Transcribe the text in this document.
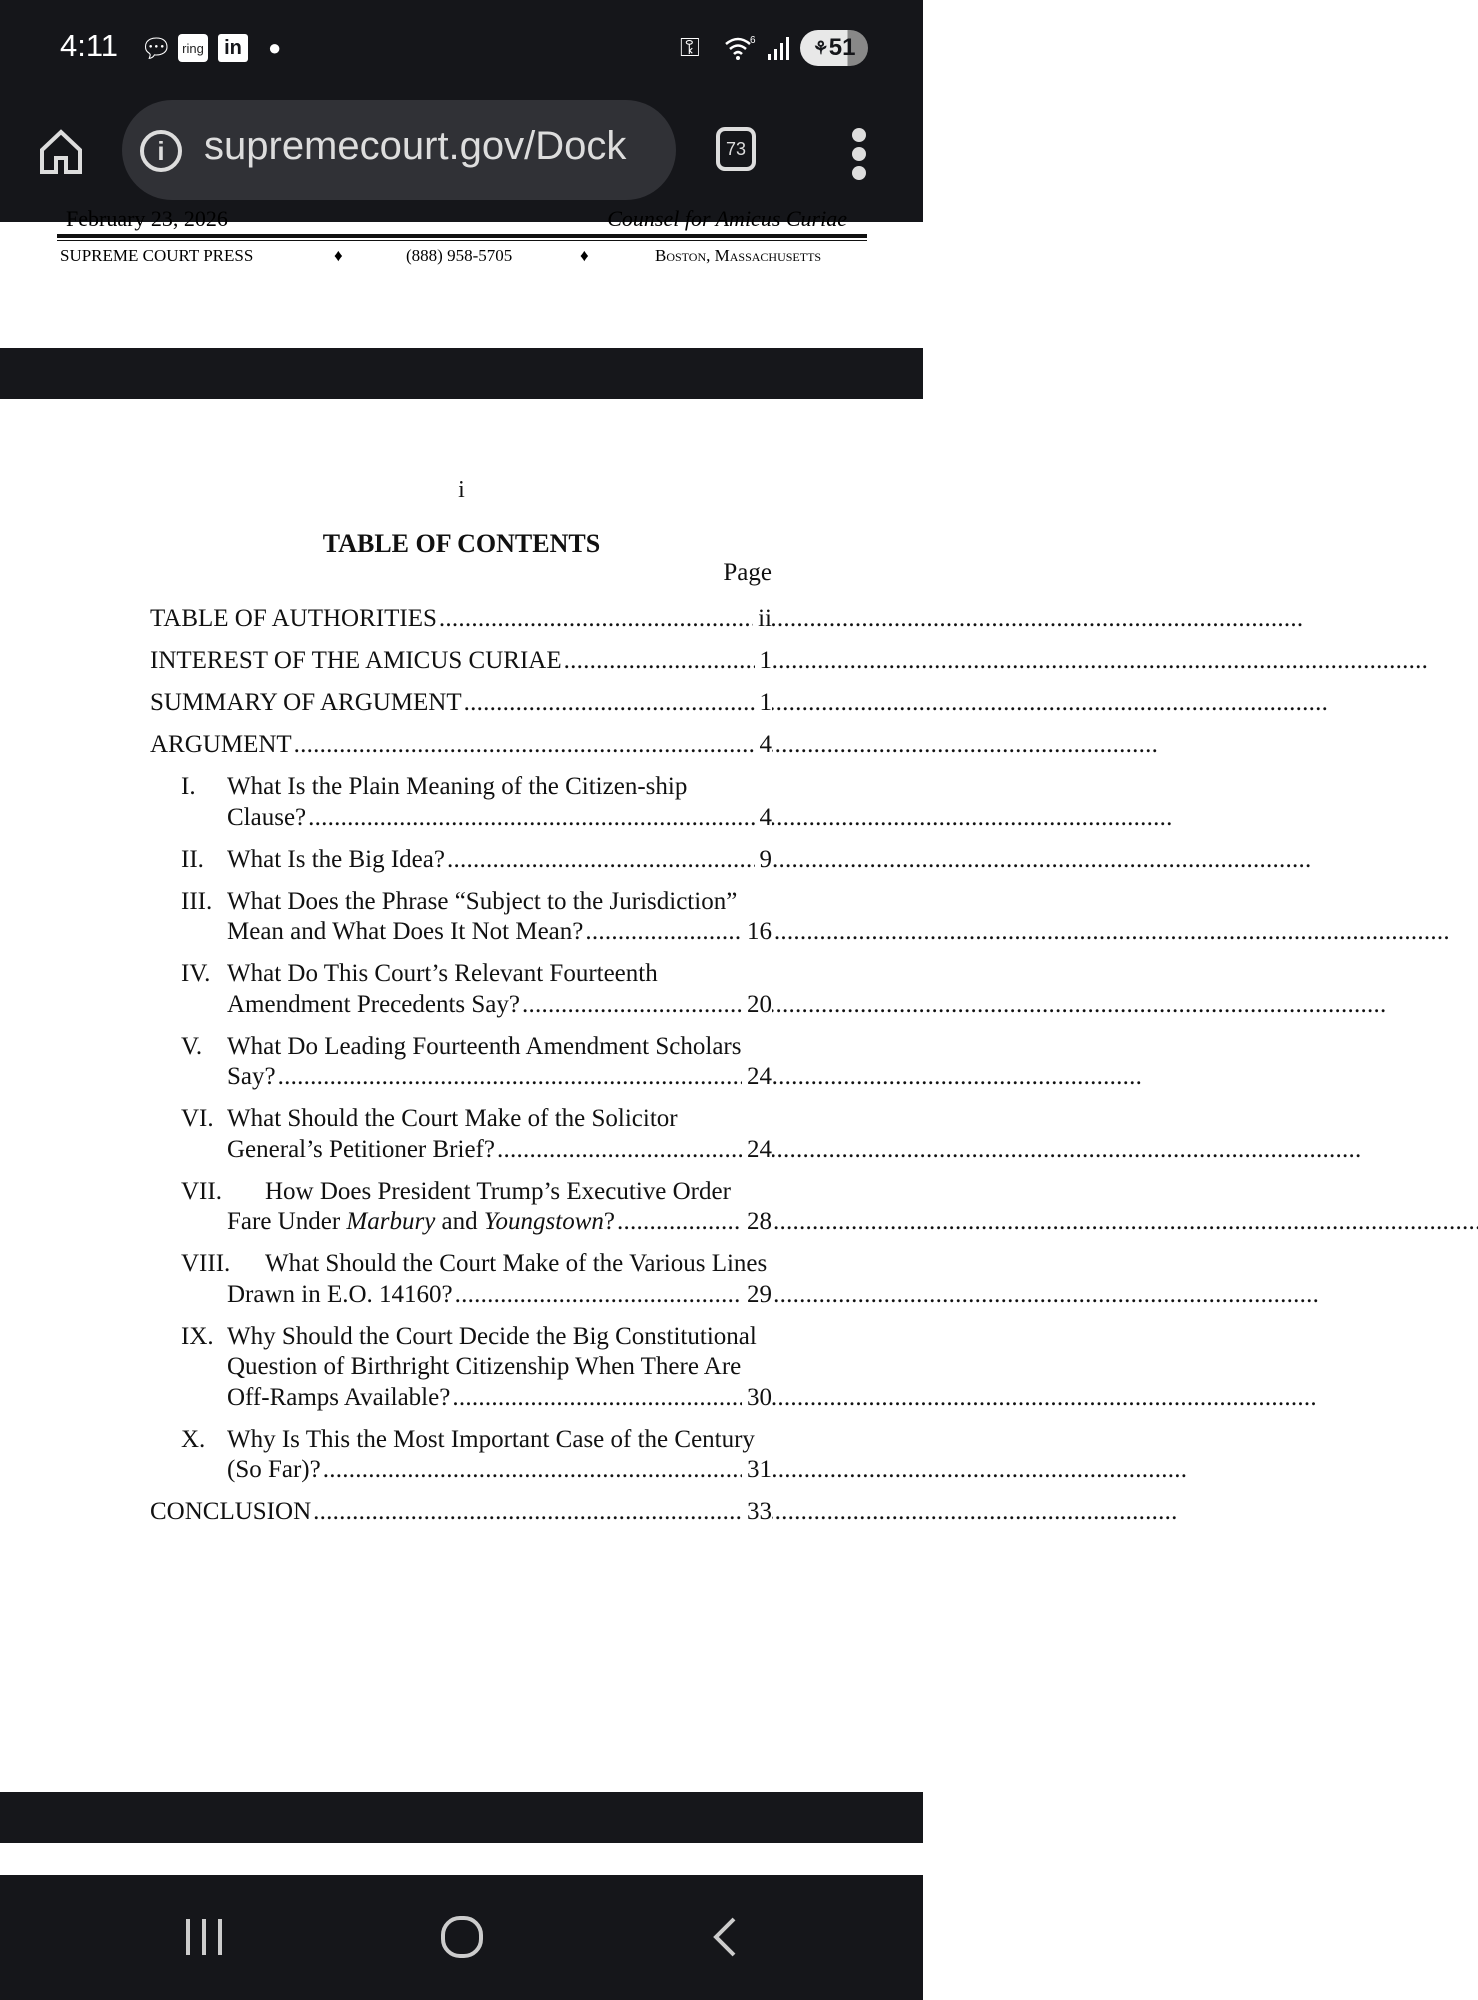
4:11 💬︎ ring	in ●	⚿	6	⚘ 51
i supremecourt.gov/Dock	73
February 23, 2026	Counsel for Amicus Curiae
SUPREME COURT PRESS	♦	(888) 958-5705	♦	Boston, Massachusetts
i
TABLE OF CONTENTS
Page
TABLE OF AUTHORITIES . . .	ii
INTEREST OF THE AMICUS CURIAE . . .	1
SUMMARY OF ARGUMENT . . .	1
ARGUMENT . . .	4
I. What Is the Plain Meaning of the Citizen-ship Clause? . . .	4
II. What Is the Big Idea? . . .	9
III. What Does the Phrase “Subject to the Jurisdiction” Mean and What Does It Not Mean? . . .	16
IV. What Do This Court’s Relevant Fourteenth Amendment Precedents Say? . . .	20
V. What Do Leading Fourteenth Amendment Scholars Say? . . .	24
VI. What Should the Court Make of the Solicitor General’s Petitioner Brief? . . .	24
VII. How Does President Trump’s Executive Order Fare Under Marbury and Youngstown? . . .	28
VIII. What Should the Court Make of the Various Lines Drawn in E.O. 14160? . . .	29
IX. Why Should the Court Decide the Big Constitutional Question of Birthright Citizenship When There Are Off-Ramps Available? . . .	30
X. Why Is This the Most Important Case of the Century (So Far)? . . .	31
CONCLUSION . . .	33
